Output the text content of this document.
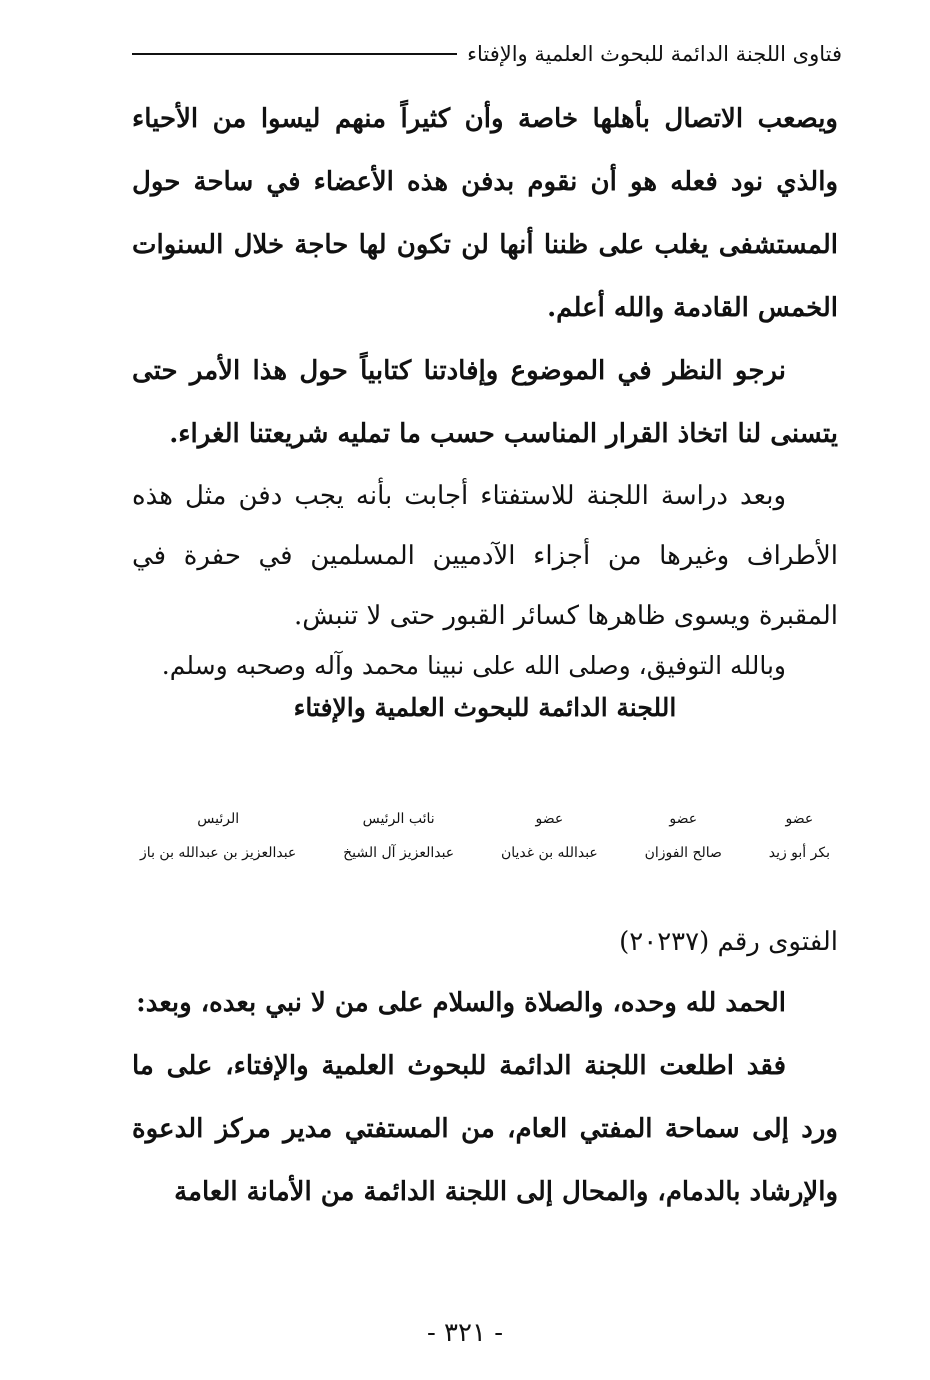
فتاوى اللجنة الدائمة للبحوث العلمية والإفتاء

ويصعب الاتصال بأهلها خاصة وأن كثيراً منهم ليسوا من الأحياء والذي نود فعله هو أن نقوم بدفن هذه الأعضاء في ساحة حول المستشفى يغلب على ظننا أنها لن تكون لها حاجة خلال السنوات الخمس القادمة والله أعلم.

نرجو النظر في الموضوع وإفادتنا كتابياً حول هذا الأمر حتى يتسنى لنا اتخاذ القرار المناسب حسب ما تمليه شريعتنا الغراء.

وبعد دراسة اللجنة للاستفتاء أجابت بأنه يجب دفن مثل هذه الأطراف وغيرها من أجزاء الآدميين المسلمين في حفرة في المقبرة ويسوى ظاهرها كسائر القبور حتى لا تنبش.

وبالله التوفيق، وصلى الله على نبينا محمد وآله وصحبه وسلم.

اللجنة الدائمة للبحوث العلمية والإفتاء

عضو
بكر أبو زيد
عضو
صالح الفوزان
عضو
عبدالله بن غديان
نائب الرئيس
عبدالعزيز آل الشيخ
الرئيس
عبدالعزيز بن عبدالله بن باز

الفتوى رقم (٢٠٢٣٧)

الحمد لله وحده، والصلاة والسلام على من لا نبي بعده، وبعد:

فقد اطلعت اللجنة الدائمة للبحوث العلمية والإفتاء، على ما ورد إلى سماحة المفتي العام، من المستفتي مدير مركز الدعوة والإرشاد بالدمام، والمحال إلى اللجنة الدائمة من الأمانة العامة

- ٣٢١ -
